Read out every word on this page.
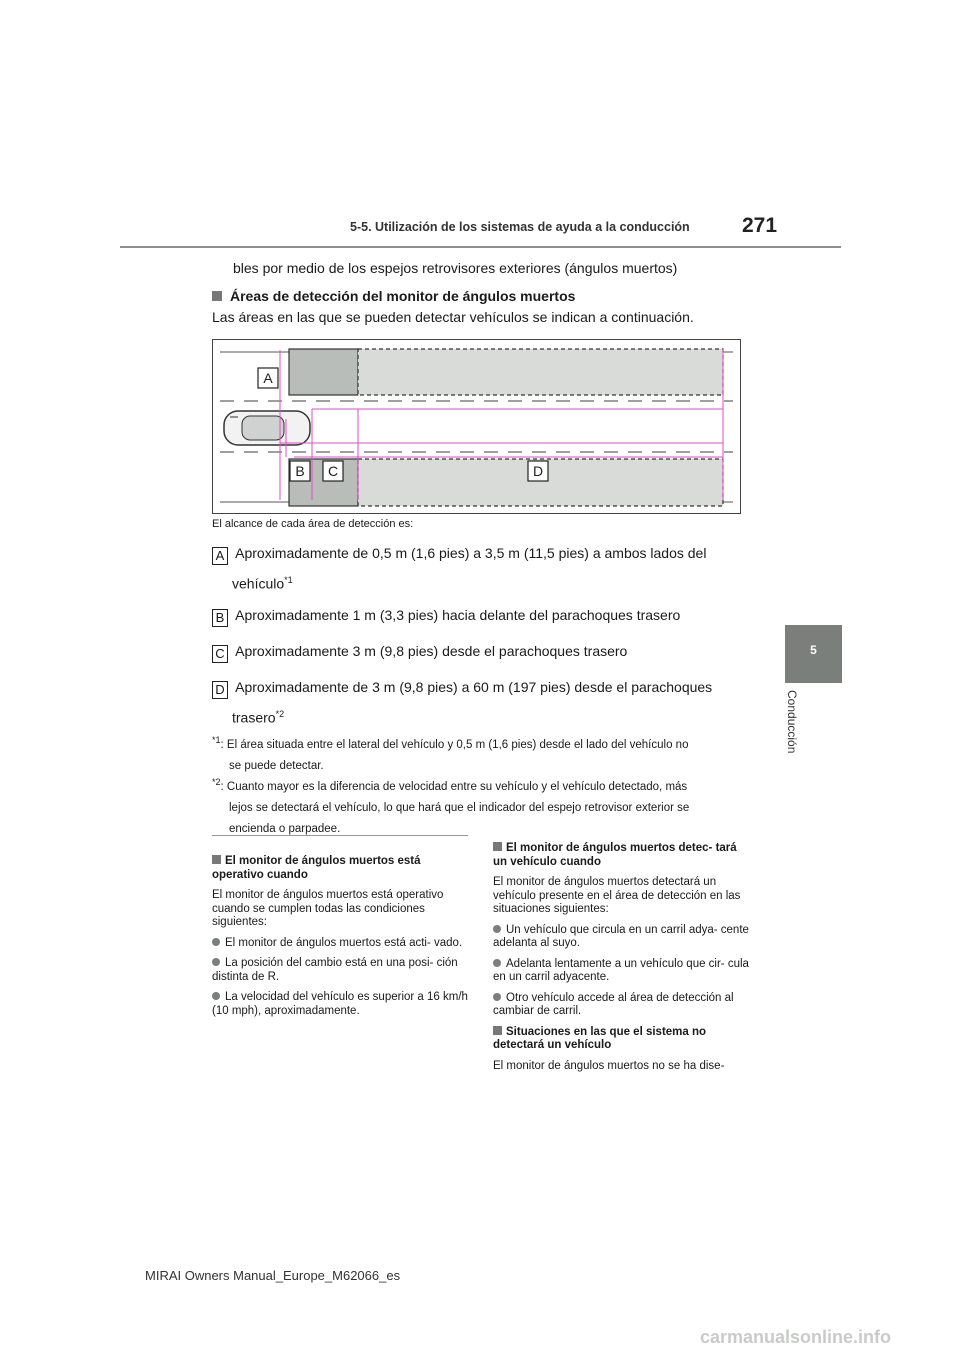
5-5. Utilización de los sistemas de ayuda a la conducción 271
5
Conducción
bles por medio de los espejos retrovisores exteriores (ángulos muertos)
Áreas de detección del monitor de ángulos muertos
Las áreas en las que se pueden detectar vehículos se indican a continuación.
A
B C	D
El alcance de cada área de detección es:
A Aproximadamente de 0,5 m (1,6 pies) a 3,5 m (11,5 pies) a ambos lados del
vehículo$^{*1}$
B Aproximadamente 1 m (3,3 pies) hacia delante del parachoques trasero
C Aproximadamente 3 m (9,8 pies) desde el parachoques trasero
D Aproximadamente de 3 m (9,8 pies) a 60 m (197 pies) desde el parachoques
trasero$^{*2}$
$^{*1}$: El área situada entre el lateral del vehículo y 0,5 m (1,6 pies) desde el lado del vehículo no
se puede detectar.
$^{*2}$: Cuanto mayor es la diferencia de velocidad entre su vehículo y el vehículo detectado, más
lejos se detectará el vehículo, lo que hará que el indicador del espejo retrovisor exterior se
encienda o parpadee.

El monitor de ángulos muertos está operativo cuando

El monitor de ángulos muertos está operativo cuando se cumplen todas las condiciones siguientes:

El monitor de ángulos muertos está acti- vado.

La posición del cambio está en una posi- ción distinta de R.

La velocidad del vehículo es superior a 16 km/h (10 mph), aproximadamente.

El monitor de ángulos muertos detec- tará un vehículo cuando

El monitor de ángulos muertos detectará un vehículo presente en el área de detección en las situaciones siguientes:

Un vehículo que circula en un carril adya- cente adelanta al suyo.

Adelanta lentamente a un vehículo que cir- cula en un carril adyacente.

Otro vehículo accede al área de detección al cambiar de carril.

Situaciones en las que el sistema no detectará un vehículo

El monitor de ángulos muertos no se ha dise-

MIRAI Owners Manual_Europe_M62066_es
carmanualsonline.info
